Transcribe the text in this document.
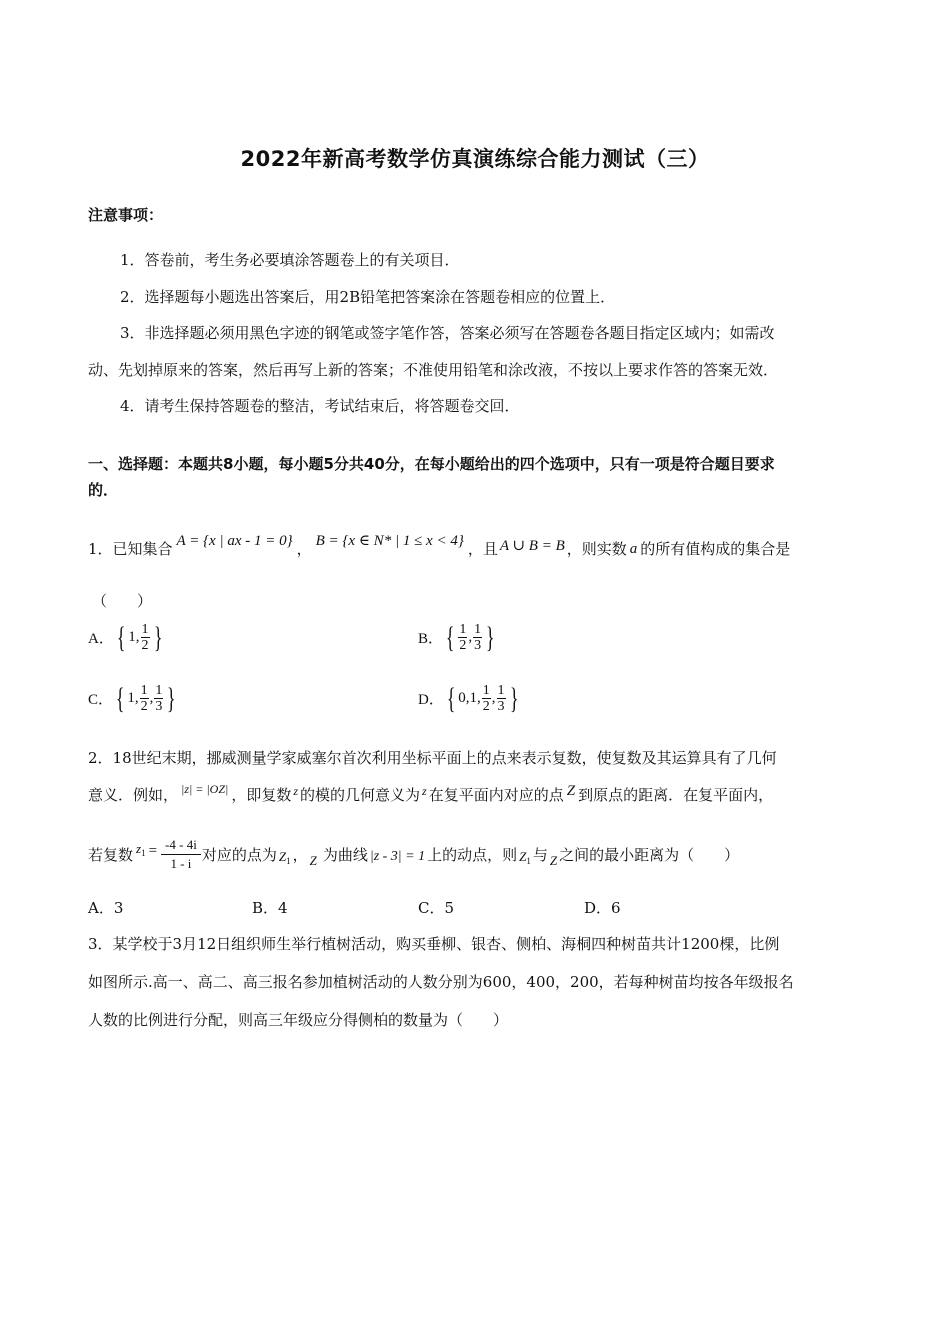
2022年新高考数学仿真演练综合能力测试（三）
注意事项：
1．答卷前，考生务必要填涂答题卷上的有关项目．
2．选择题每小题选出答案后，用2B铅笔把答案涂在答题卷相应的位置上．
3．非选择题必须用黑色字迹的钢笔或签字笔作答，答案必须写在答题卷各题目指定区域内；如需改
动、先划掉原来的答案，然后再写上新的答案；不准使用铅笔和涂改液，不按以上要求作答的答案无效．
4．请考生保持答题卷的整洁，考试结束后，将答题卷交回．
一、选择题：本题共8小题，每小题5分共40分，在每小题给出的四个选项中，只有一项是符合题目要求
的．
1．已知集合 A = {x | ax - 1 = 0} ， B = {x ∈ N* | 1 ≤ x < 4} ，且 A ∪ B = B ，则实数 a 的所有值构成的集合是
（　　）
A． { 1, $\frac{1}{2}$ }	B． { $\frac{1}{2}$ , $\frac{1}{3}$ }
C． { 1, $\frac{1}{2}$ , $\frac{1}{3}$ }	D． { 0,1, $\frac{1}{2}$ , $\frac{1}{3}$ }
2．18世纪末期，挪威测量学家威塞尔首次利用坐标平面上的点来表示复数，使复数及其运算具有了几何
意义．例如， |z| = |OZ| ，即复数 z 的模的几何意义为 z 在复平面内对应的点 Z 到原点的距离．在复平面内，
若复数 $z_1 = \frac{-4 - 4i}{1 - i}$ 对应的点为 $Z_1$ ， Z 为曲线 |z - 3| = 1 上的动点，则 $Z_1$ 与 Z 之间的最小距离为（　　）
A．3	B．4	C．5	D．6
3．某学校于3月12日组织师生举行植树活动，购买垂柳、银杏、侧柏、海桐四种树苗共计1200棵，比例
如图所示.高一、高二、高三报名参加植树活动的人数分别为600，400，200，若每种树苗均按各年级报名
人数的比例进行分配，则高三年级应分得侧柏的数量为（　　）
